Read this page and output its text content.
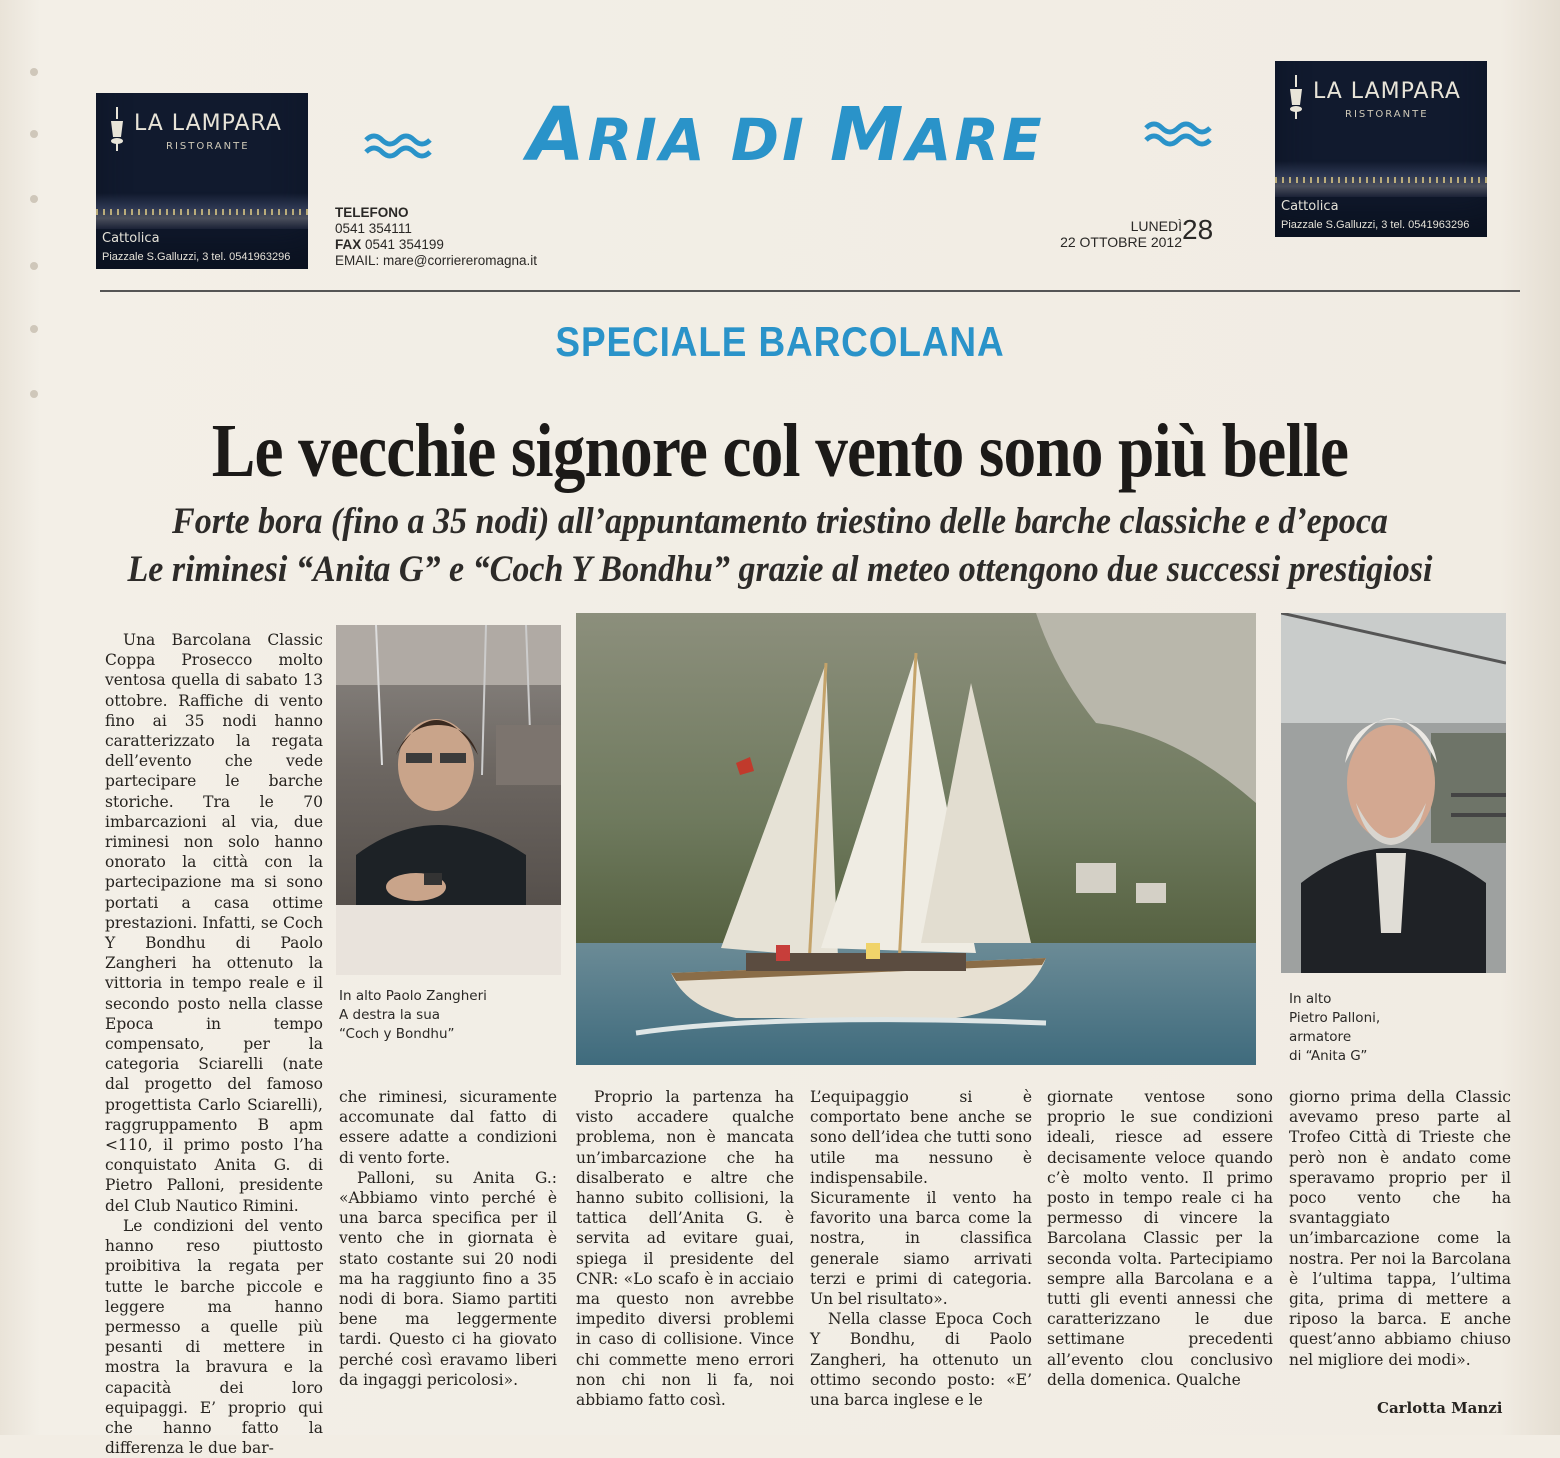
LA LAMPARA
RISTORANTE
Cattolica
Piazzale S.Galluzzi, 3 tel. 0541963296
LA LAMPARA
RISTORANTE
Cattolica
Piazzale S.Galluzzi, 3 tel. 0541963296
ARIA DI MARE
TELEFONO
0541 354111
FAX 0541 354199
EMAIL: mare@corriereromagna.it
LUNEDÌ
22 OTTOBRE 2012 28
SPECIALE BARCOLANA
Le vecchie signore col vento sono più belle
Forte bora (fino a 35 nodi) all’appuntamento triestino delle barche classiche e d’epoca
Le riminesi “Anita G” e “Coch Y Bondhu” grazie al meteo ottengono due successi prestigiosi
In alto Paolo Zangheri
A destra la sua
“Coch y Bondhu”
In alto
Pietro Palloni,
armatore
di “Anita G”

Una Barcolana Classic Coppa Prosecco molto ventosa quella di sabato 13 ottobre. Raffiche di vento fino ai 35 nodi hanno caratterizzato la regata dell’evento che vede partecipare le barche storiche. Tra le 70 imbarcazioni al via, due riminesi non solo hanno onorato la città con la partecipazione ma si sono portati a casa ottime prestazioni. Infatti, se Coch Y Bondhu di Paolo Zangheri ha ottenuto la vittoria in tempo reale e il secondo posto nella classe Epoca in tempo compensato, per la categoria Sciarelli (nate dal progetto del famoso progettista Carlo Sciarelli), raggruppamento B apm <110, il primo posto l’ha conquistato Anita G. di Pietro Palloni, presidente del Club Nautico Rimini.

Le condizioni del vento hanno reso piuttosto proibitiva la regata per tutte le barche piccole e leggere ma hanno permesso a quelle più pesanti di mettere in mostra la bravura e la capacità dei loro equipaggi. E’ proprio qui che hanno fatto la differenza le due bar-

che riminesi, sicuramente accomunate dal fatto di essere adatte a condizioni di vento forte.

Palloni, su Anita G.: «Abbiamo vinto perché è una barca specifica per il vento che in giornata è stato costante sui 20 nodi ma ha raggiunto fino a 35 nodi di bora. Siamo partiti bene ma leggermente tardi. Questo ci ha giovato perché così eravamo liberi da ingaggi pericolosi».

Proprio la partenza ha visto accadere qualche problema, non è mancata un’imbarcazione che ha disalberato e altre che hanno subito collisioni, la tattica dell’Anita G. è servita ad evitare guai, spiega il presidente del CNR: «Lo scafo è in acciaio ma questo non avrebbe impedito diversi problemi in caso di collisione. Vince chi commette meno errori non chi non li fa, noi abbiamo fatto così.

L’equipaggio si è comportato bene anche se sono dell’idea che tutti sono utile ma nessuno è indispensabile. Sicuramente il vento ha favorito una barca come la nostra, in classifica generale siamo arrivati terzi e primi di categoria. Un bel risultato».

Nella classe Epoca Coch Y Bondhu, di Paolo Zangheri, ha ottenuto un ottimo secondo posto: «E’ una barca inglese e le

giornate ventose sono proprio le sue condizioni ideali, riesce ad essere decisamente veloce quando c’è molto vento. Il primo posto in tempo reale ci ha permesso di vincere la Barcolana Classic per la seconda volta. Partecipiamo sempre alla Barcolana e a tutti gli eventi annessi che caratterizzano le due settimane precedenti all’evento clou conclusivo della domenica. Qualche

giorno prima della Classic avevamo preso parte al Trofeo Città di Trieste che però non è andato come speravamo proprio per il poco vento che ha svantaggiato un’imbarcazione come la nostra. Per noi la Barcolana è l’ultima tappa, l’ultima gita, prima di mettere a riposo la barca. E anche quest’anno abbiamo chiuso nel migliore dei modi».

Carlotta Manzi
